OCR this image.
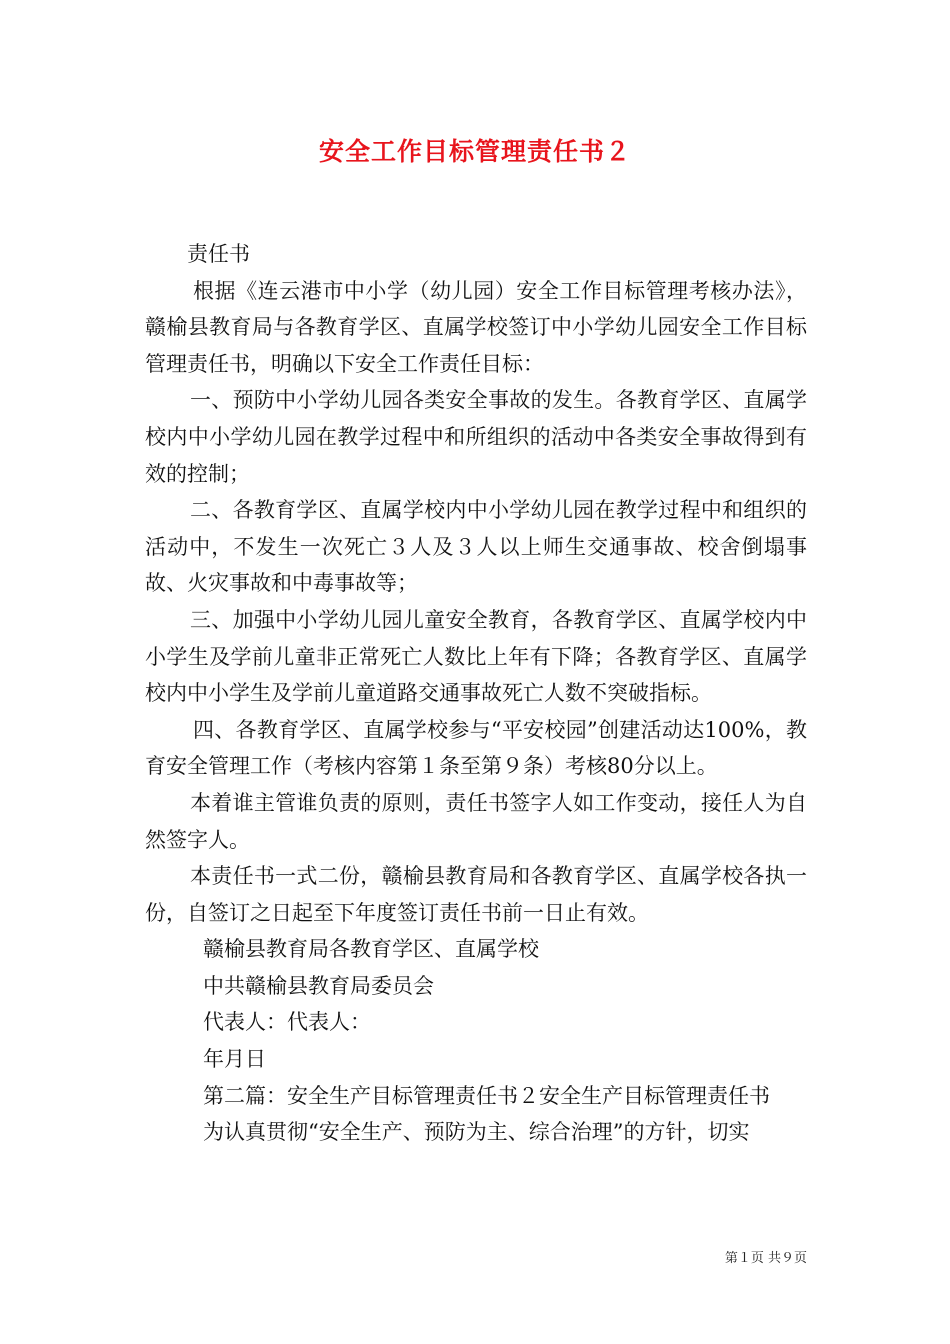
安全工作目标管理责任书２

责任书

根据《连云港市中小学（幼儿园）安全工作目标管理考核办法》，赣榆县教育局与各教育学区、直属学校签订中小学幼儿园安全工作目标管理责任书，明确以下安全工作责任目标：

一、预防中小学幼儿园各类安全事故的发生。各教育学区、直属学校内中小学幼儿园在教学过程中和所组织的活动中各类安全事故得到有效的控制；

二、各教育学区、直属学校内中小学幼儿园在教学过程中和组织的活动中，不发生一次死亡３人及３人以上师生交通事故、校舍倒塌事故、火灾事故和中毒事故等；

三、加强中小学幼儿园儿童安全教育，各教育学区、直属学校内中小学生及学前儿童非正常死亡人数比上年有下降；各教育学区、直属学校内中小学生及学前儿童道路交通事故死亡人数不突破指标。

四、各教育学区、直属学校参与“平安校园”创建活动达100%，教育安全管理工作（考核内容第１条至第９条）考核80分以上。

本着谁主管谁负责的原则，责任书签字人如工作变动，接任人为自然签字人。

本责任书一式二份，赣榆县教育局和各教育学区、直属学校各执一份，自签订之日起至下年度签订责任书前一日止有效。

赣榆县教育局各教育学区、直属学校

中共赣榆县教育局委员会

代表人：代表人：

年月日

第二篇：安全生产目标管理责任书２安全生产目标管理责任书

为认真贯彻“安全生产、预防为主、综合治理”的方针，切实

第１页 共９页
